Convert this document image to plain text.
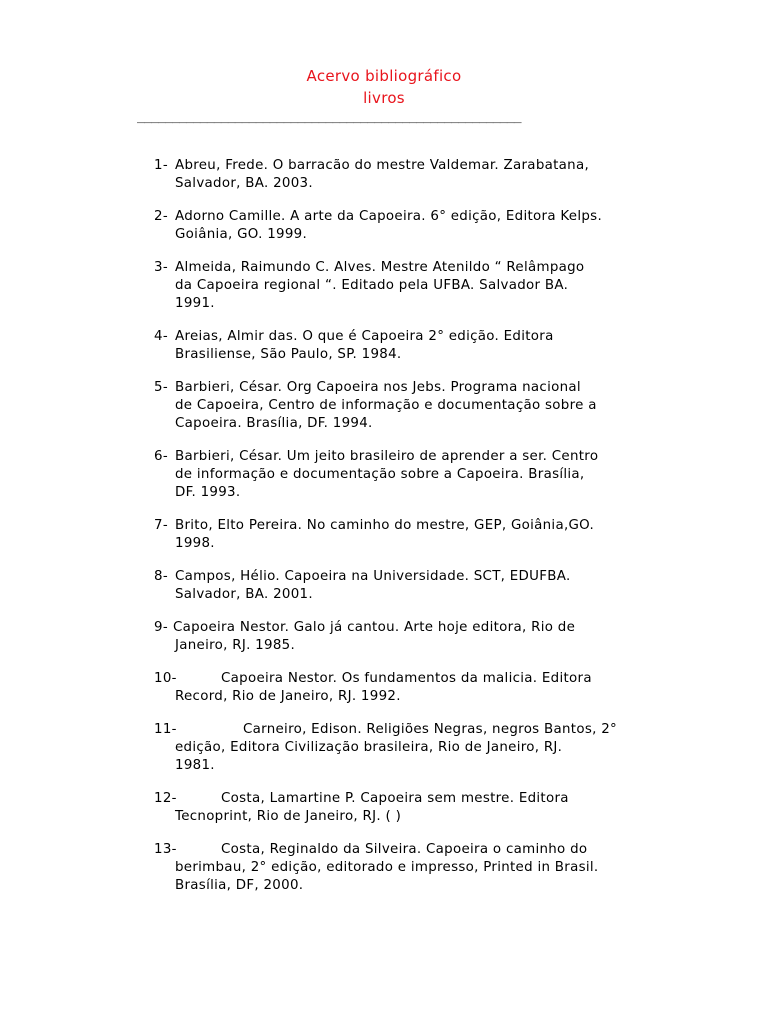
Acervo bibliográfico
livros
_______________________________________________________
1- Abreu, Frede. O barracão do mestre Valdemar. Zarabatana,
Salvador, BA. 2003.
2- Adorno Camille. A arte da Capoeira. 6° edição, Editora Kelps.
Goiânia, GO. 1999.
3- Almeida, Raimundo C. Alves. Mestre Atenildo “ Relâmpago
da Capoeira regional “. Editado pela UFBA. Salvador BA.
1991.
4- Areias, Almir das. O que é Capoeira 2° edição. Editora
Brasiliense, São Paulo, SP. 1984.
5- Barbieri, César. Org Capoeira nos Jebs. Programa nacional
de Capoeira, Centro de informação e documentação sobre a
Capoeira. Brasília, DF. 1994.
6- Barbieri, César. Um jeito brasileiro de aprender a ser. Centro
de informação e documentação sobre a Capoeira. Brasília,
DF. 1993.
7- Brito, Elto Pereira. No caminho do mestre, GEP, Goiânia,GO.
1998.
8- Campos, Hélio. Capoeira na Universidade. SCT, EDUFBA.
Salvador, BA. 2001.
9- Capoeira Nestor. Galo já cantou. Arte hoje editora, Rio de
Janeiro, RJ. 1985.
10-	Capoeira Nestor. Os fundamentos da malicia. Editora
Record, Rio de Janeiro, RJ. 1992.
11-	Carneiro, Edison. Religiões Negras, negros Bantos, 2°
edição, Editora Civilização brasileira, Rio de Janeiro, RJ.
1981.
12-	Costa, Lamartine P. Capoeira sem mestre. Editora
Tecnoprint, Rio de Janeiro, RJ. ( )
13-	Costa, Reginaldo da Silveira. Capoeira o caminho do
berimbau, 2° edição, editorado e impresso, Printed in Brasil.
Brasília, DF, 2000.
